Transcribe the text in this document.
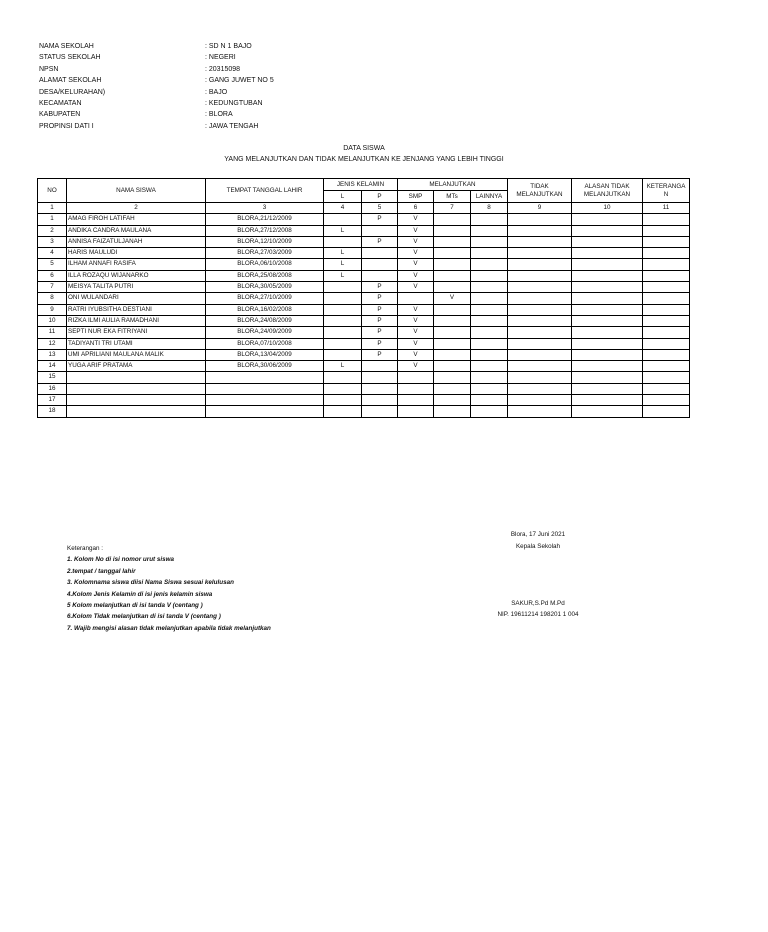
NAMA SEKOLAH	: SD N 1 BAJO
STATUS SEKOLAH	: NEGERI
NPSN	: 20315098
ALAMAT SEKOLAH	: GANG JUWET NO 5
DESA/KELURAHAN)	: BAJO
KECAMATAN	: KEDUNGTUBAN
KABUPATEN	: BLORA
PROPINSI DATI I	: JAWA TENGAH
DATA SISWA
YANG MELANJUTKAN DAN TIDAK MELANJUTKAN KE JENJANG YANG LEBIH TINGGI
NO	NAMA SISWA	TEMPAT TANGGAL LAHIR	JENIS KELAMIN		MELANJUTKAN			TIDAK MELANJUTKAN	ALASAN TIDAK MELANJUTKAN	KETERANGA N
			L	P	SMP	MTs	LAINNYA			
1	2	3	4	5	6	7	8	9	10	11
1	AMAG FIROH LATIFAH	BLORA,21/12/2009		P	V					
2	ANDIKA CANDRA MAULANA	BLORA,27/12/2008	L		V					
3	ANNISA FAIZATULJANAH	BLORA,12/10/2009		P	V					
4	HARIS MAULUDI	BLORA,27/03/2009	L		V					
5	ILHAM ANNAFI RASIFA	BLORA,06/10/2008	L		V					
6	ILLA ROZAQU WIJANARKO	BLORA,25/08/2008	L		V					
7	MEISYA TALITA PUTRI	BLORA,30/05/2009		P	V					
8	ONI WULANDARI	BLORA,27/10/2009		P		V				
9	RATRI IYUBSITHA DESTIANI	BLORA,16/02/2008		P	V					
10	RIZKA ILMI AULIA RAMADHANI	BLORA,24/08/2009		P	V					
11	SEPTI NUR EKA FITRIYANI	BLORA,24/09/2009		P	V					
12	TADIYANTI TRI UTAMI	BLORA,07/10/2008		P	V					
13	UMI APRILIANI MAULANA MALIK	BLORA,13/04/2009		P	V					
14	YUGA ARIF PRATAMA	BLORA,30/06/2009	L		V					
15										
16										
17										
18										
Keterangan :
1. Kolom No di isi nomor urut siswa
2.tempat / tanggal lahir
3. Kolomnama siswa diisi Nama Siswa sesuai kelulusan
4.Kolom Jenis Kelamin di isi jenis kelamin siswa
5 Kolom melanjutkan di isi tanda V (centang )
6.Kolom Tidak melanjutkan di isi tanda V (centang )
7. Wajib mengisi alasan tidak melanjutkan apabila tidak melanjutkan
Blora, 17 Juni 2021
Kepala Sekolah
SAKUR,S.Pd M.Pd
NIP. 19611214 198201 1 004
